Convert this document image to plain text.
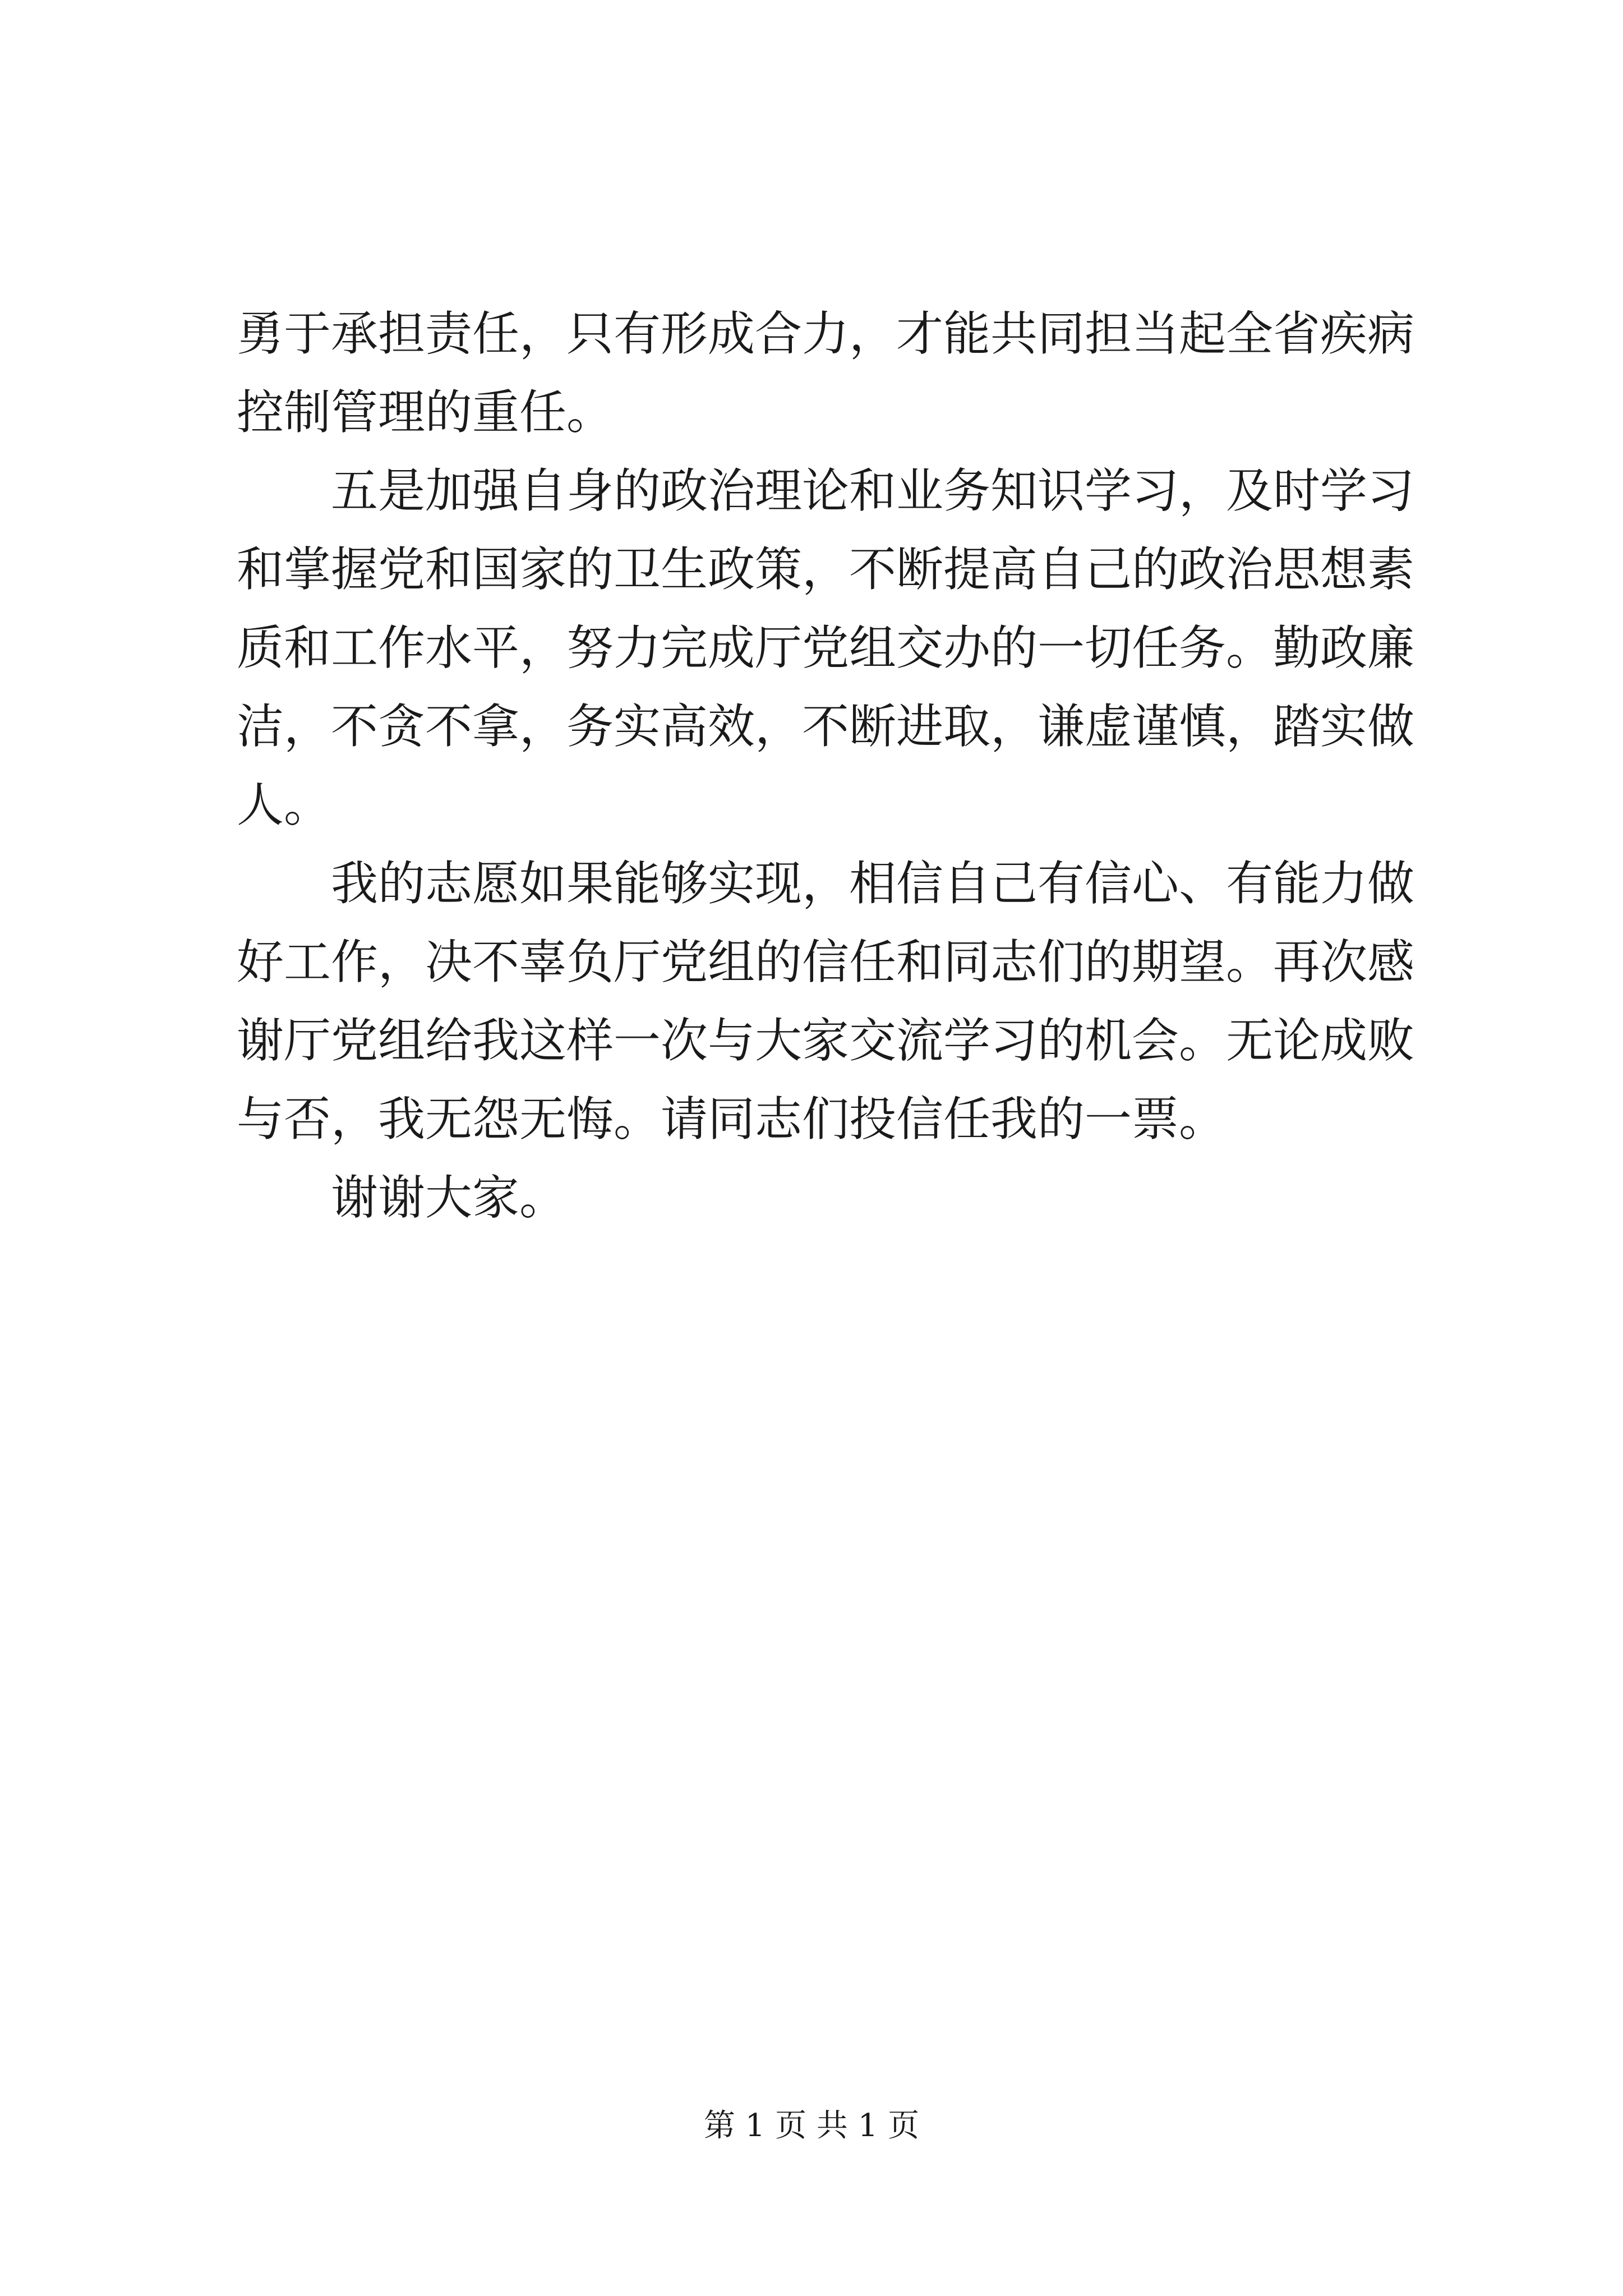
勇于承担责任，只有形成合力，才能共同担当起全省疾病控制管理的重任。

五是加强自身的政治理论和业务知识学习，及时学习和掌握党和国家的卫生政策，不断提高自己的政治思想素质和工作水平，努力完成厅党组交办的一切任务。勤政廉洁，不贪不拿，务实高效，不断进取，谦虚谨慎，踏实做人。

我的志愿如果能够实现，相信自己有信心、有能力做好工作，决不辜负厅党组的信任和同志们的期望。再次感谢厅党组给我这样一次与大家交流学习的机会。无论成败与否，我无怨无悔。请同志们投信任我的一票。

谢谢大家。

第 1 页 共 1 页
